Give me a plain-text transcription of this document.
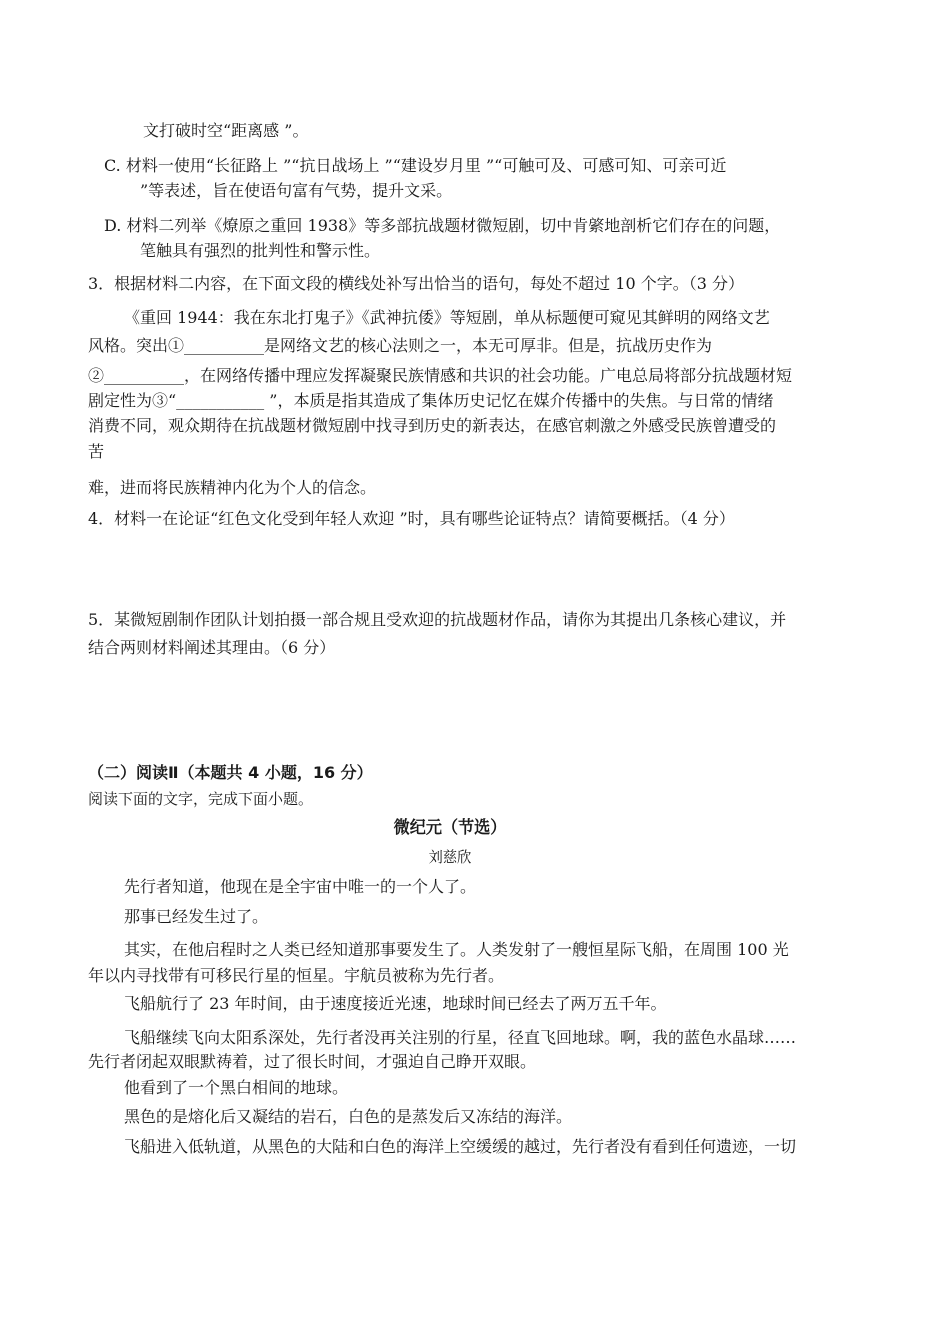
文打破时空“距离感 ”。
C. 材料一使用“长征路上 ”“抗日战场上 ”“建设岁月里 ”“可触可及、可感可知、可亲可近
”等表述，旨在使语句富有气势，提升文采。
D. 材料二列举《燎原之重回 1938》等多部抗战题材微短剧，切中肯綮地剖析它们存在的问题，
笔触具有强烈的批判性和警示性。
3．根据材料二内容，在下面文段的横线处补写出恰当的语句，每处不超过 10 个字。（3 分）
《重回 1944：我在东北打鬼子》《武神抗倭》等短剧，单从标题便可窥见其鲜明的网络文艺
风格。突出①__________是网络文艺的核心法则之一，本无可厚非。但是，抗战历史作为
②__________，在网络传播中理应发挥凝聚民族情感和共识的社会功能。广电总局将部分抗战题材短
剧定性为③“___________ ”，本质是指其造成了集体历史记忆在媒介传播中的失焦。与日常的情绪
消费不同，观众期待在抗战题材微短剧中找寻到历史的新表达，在感官刺激之外感受民族曾遭受的
苦
难，进而将民族精神内化为个人的信念。
4．材料一在论证“红色文化受到年轻人欢迎 ”时，具有哪些论证特点？请简要概括。（4 分）
5．某微短剧制作团队计划拍摄一部合规且受欢迎的抗战题材作品，请你为其提出几条核心建议，并
结合两则材料阐述其理由。（6 分）
（二）阅读Ⅱ（本题共 4 小题，16 分）
阅读下面的文字，完成下面小题。
微纪元（节选）
刘慈欣
先行者知道，他现在是全宇宙中唯一的一个人了。
那事已经发生过了。
其实，在他启程时之人类已经知道那事要发生了。人类发射了一艘恒星际飞船，在周围 100 光
年以内寻找带有可移民行星的恒星。宇航员被称为先行者。
飞船航行了 23 年时间，由于速度接近光速，地球时间已经去了两万五千年。
飞船继续飞向太阳系深处，先行者没再关注别的行星，径直飞回地球。啊，我的蓝色水晶球……
先行者闭起双眼默祷着，过了很长时间，才强迫自己睁开双眼。
他看到了一个黑白相间的地球。
黑色的是熔化后又凝结的岩石，白色的是蒸发后又冻结的海洋。
飞船进入低轨道，从黑色的大陆和白色的海洋上空缓缓的越过，先行者没有看到任何遗迹，一切
